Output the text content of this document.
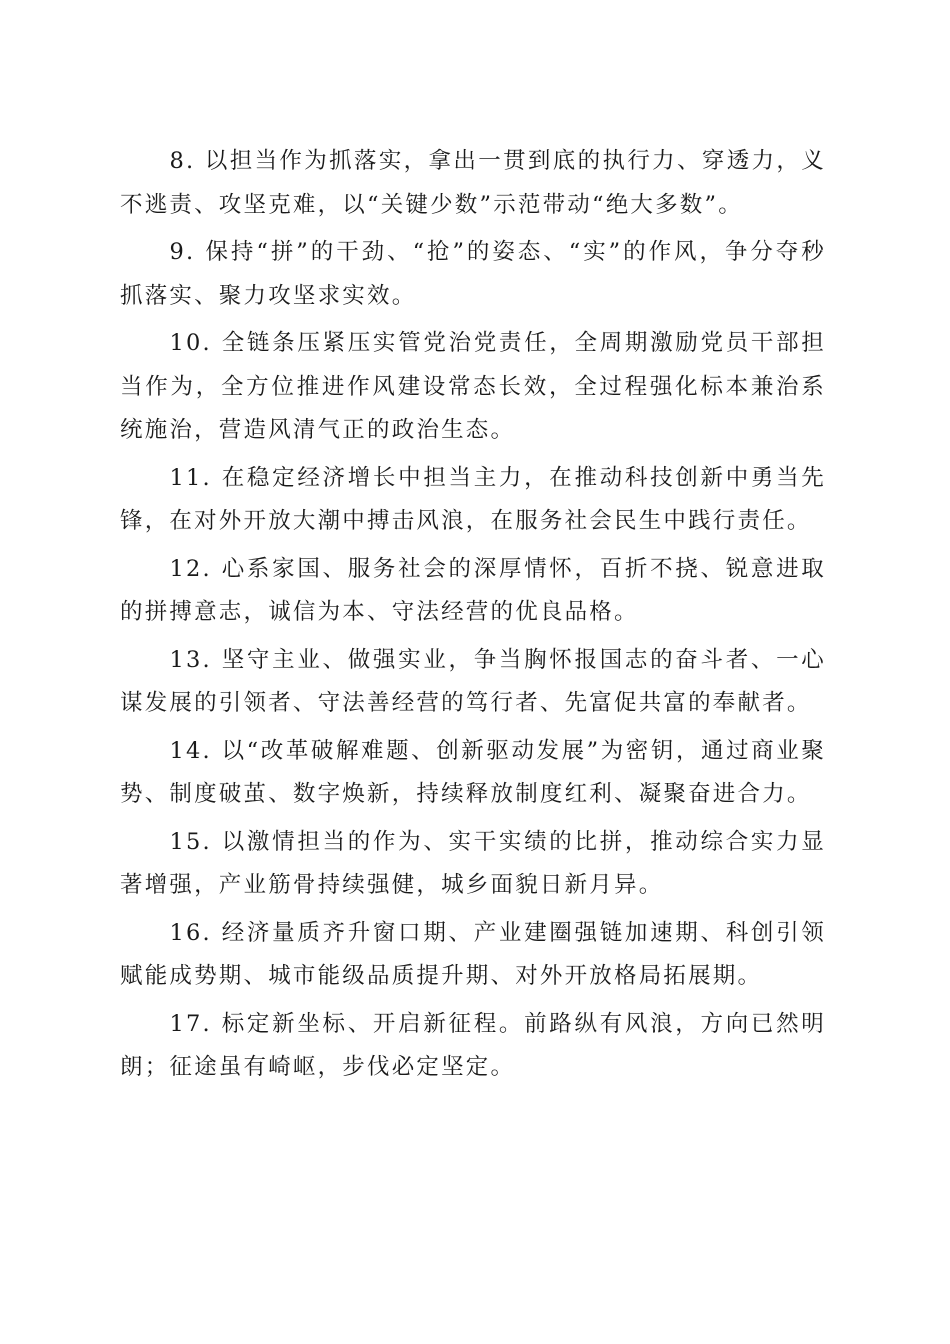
8. 以担当作为抓落实，拿出一贯到底的执行力、穿透力，义不逃责、攻坚克难，以“关键少数”示范带动“绝大多数”。

9. 保持“拼”的干劲、“抢”的姿态、“实”的作风，争分夺秒抓落实、聚力攻坚求实效。

10. 全链条压紧压实管党治党责任，全周期激励党员干部担当作为，全方位推进作风建设常态长效，全过程强化标本兼治系统施治，营造风清气正的政治生态。

11. 在稳定经济增长中担当主力，在推动科技创新中勇当先锋，在对外开放大潮中搏击风浪，在服务社会民生中践行责任。

12. 心系家国、服务社会的深厚情怀，百折不挠、锐意进取的拼搏意志，诚信为本、守法经营的优良品格。

13. 坚守主业、做强实业，争当胸怀报国志的奋斗者、一心谋发展的引领者、守法善经营的笃行者、先富促共富的奉献者。

14. 以“改革破解难题、创新驱动发展”为密钥，通过商业聚势、制度破茧、数字焕新，持续释放制度红利、凝聚奋进合力。

15. 以激情担当的作为、实干实绩的比拼，推动综合实力显著增强，产业筋骨持续强健，城乡面貌日新月异。

16. 经济量质齐升窗口期、产业建圈强链加速期、科创引领赋能成势期、城市能级品质提升期、对外开放格局拓展期。

17. 标定新坐标、开启新征程。前路纵有风浪，方向已然明朗；征途虽有崎岖，步伐必定坚定。
